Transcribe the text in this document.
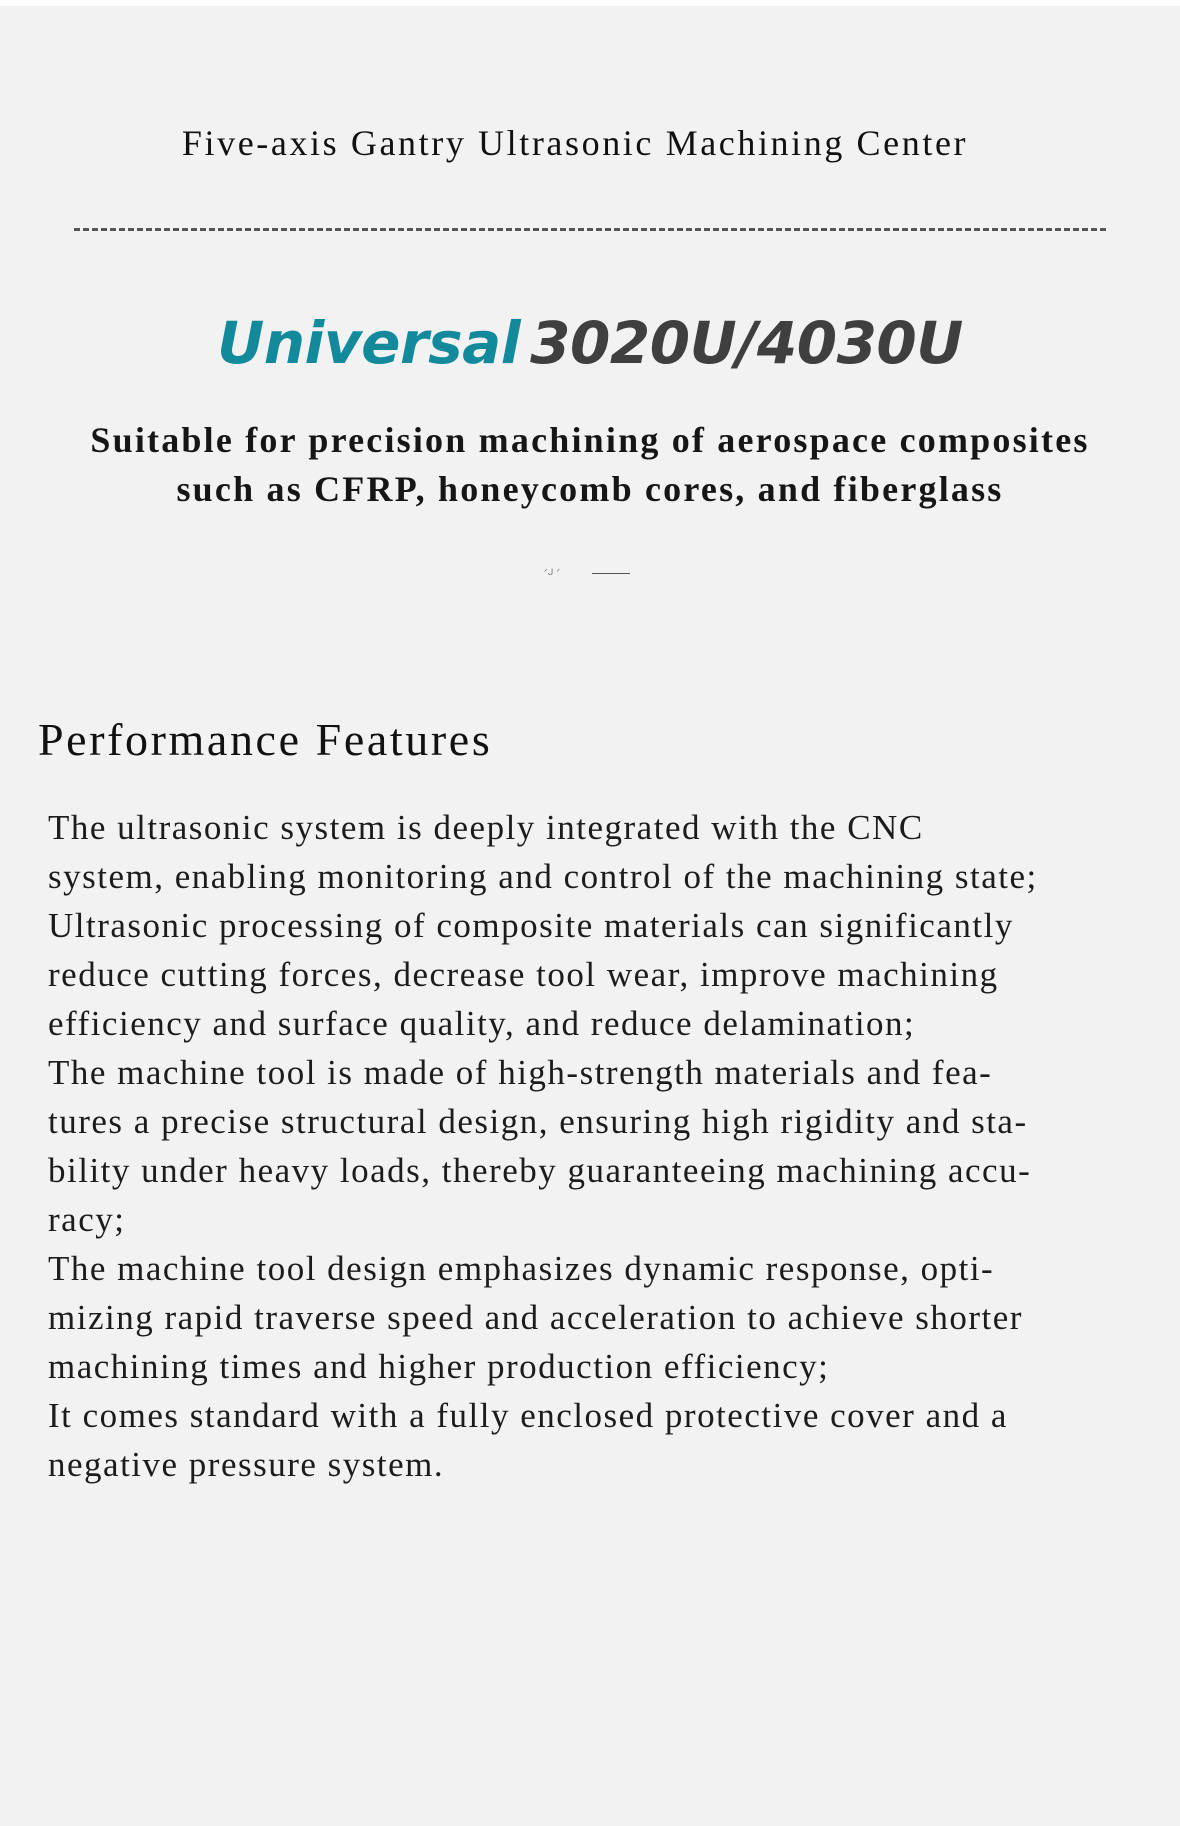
Five-axis Gantry Ultrasonic Machining Center
Universal 3020U/4030U
Suitable for precision machining of aerospace composites
such as CFRP, honeycomb cores, and fiberglass
ᐟᒍ ᐟ
Performance Features
The ultrasonic system is deeply integrated with the CNC
system, enabling monitoring and control of the machining state;
Ultrasonic processing of composite materials can significantly
reduce cutting forces, decrease tool wear, improve machining
efficiency and surface quality, and reduce delamination;
The machine tool is made of high-strength materials and fea-
tures a precise structural design, ensuring high rigidity and sta-
bility under heavy loads, thereby guaranteeing machining accu-
racy;
The machine tool design emphasizes dynamic response, opti-
mizing rapid traverse speed and acceleration to achieve shorter
machining times and higher production efficiency;
It comes standard with a fully enclosed protective cover and a
negative pressure system.
